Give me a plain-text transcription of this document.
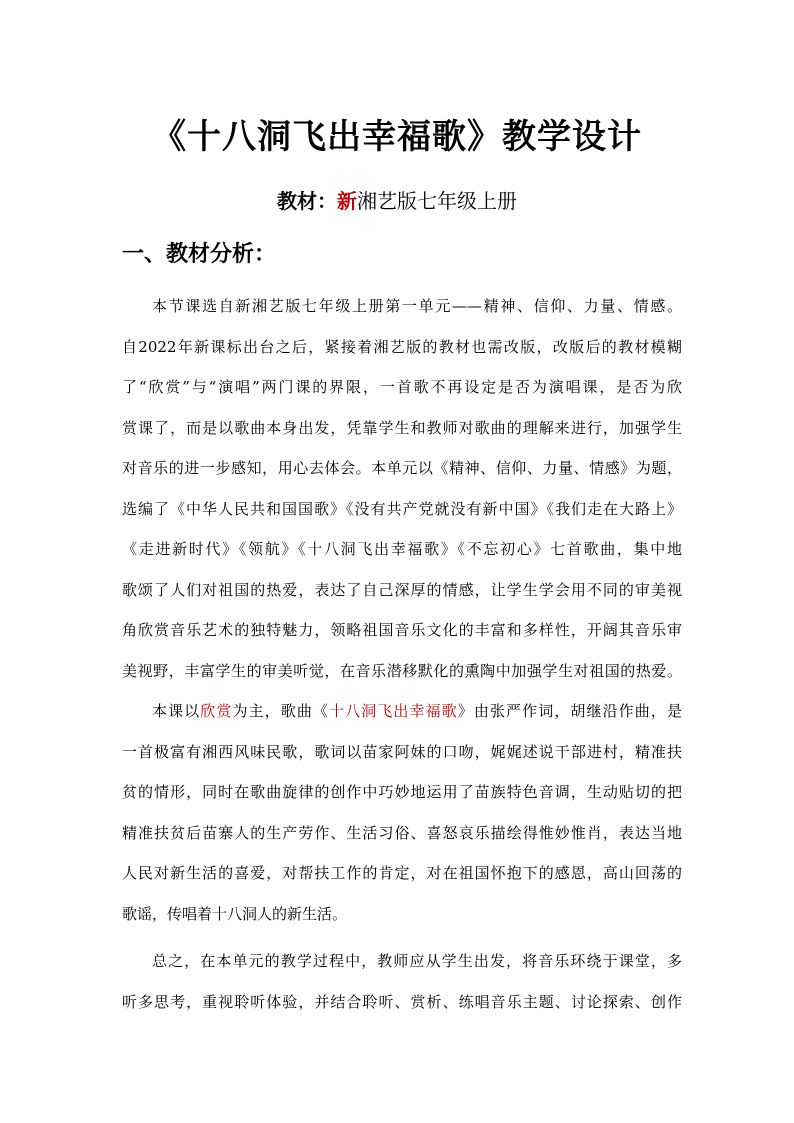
《十八洞飞出幸福歌》教学设计
教材：新湘艺版七年级上册
一、教材分析：
本节课选自新湘艺版七年级上册第一单元——精神、信仰、力量、情感。
自2022年新课标出台之后，紧接着湘艺版的教材也需改版，改版后的教材模糊
了“欣赏”与“演唱”两门课的界限，一首歌不再设定是否为演唱课，是否为欣
赏课了，而是以歌曲本身出发，凭靠学生和教师对歌曲的理解来进行，加强学生
对音乐的进一步感知，用心去体会。本单元以《精神、信仰、力量、情感》为题，
选编了《中华人民共和国国歌》《没有共产党就没有新中国》《我们走在大路上》
《走进新时代》《领航》《十八洞飞出幸福歌》《不忘初心》七首歌曲，集中地
歌颂了人们对祖国的热爱，表达了自己深厚的情感，让学生学会用不同的审美视
角欣赏音乐艺术的独特魅力，领略祖国音乐文化的丰富和多样性，开阔其音乐审
美视野，丰富学生的审美听觉，在音乐潜移默化的熏陶中加强学生对祖国的热爱。
本课以欣赏为主，歌曲《十八洞飞出幸福歌》由张严作词，胡继沿作曲，是
一首极富有湘西风味民歌，歌词以苗家阿妹的口吻，娓娓述说干部进村，精准扶
贫的情形，同时在歌曲旋律的创作中巧妙地运用了苗族特色音调，生动贴切的把
精准扶贫后苗寨人的生产劳作、生活习俗、喜怒哀乐描绘得惟妙惟肖，表达当地
人民对新生活的喜爱，对帮扶工作的肯定，对在祖国怀抱下的感恩，高山回荡的
歌谣，传唱着十八洞人的新生活。
总之，在本单元的教学过程中，教师应从学生出发，将音乐环绕于课堂，多
听多思考，重视聆听体验，并结合聆听、赏析、练唱音乐主题、讨论探索、创作
